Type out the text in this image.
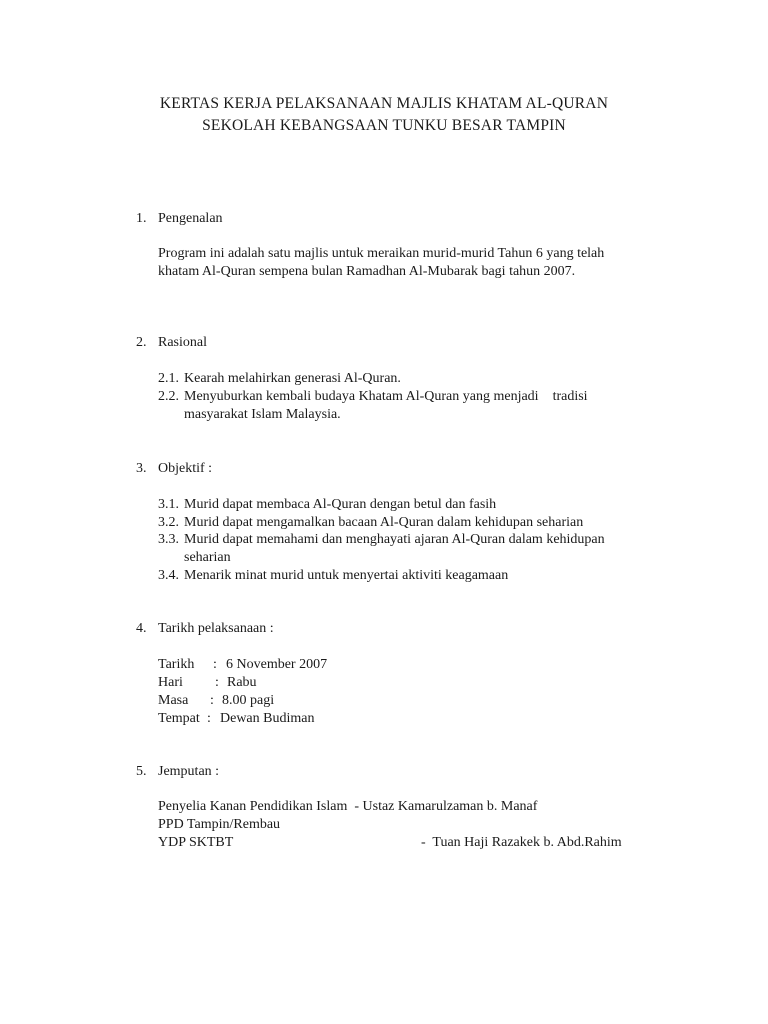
KERTAS KERJA PELAKSANAAN MAJLIS KHATAM AL-QURAN
SEKOLAH KEBANGSAAN TUNKU BESAR TAMPIN
1. Pengenalan
Program ini adalah satu majlis untuk meraikan murid-murid Tahun 6 yang telah
khatam Al-Quran sempena bulan Ramadhan Al-Mubarak bagi tahun 2007.
2. Rasional
2.1. Kearah melahirkan generasi Al-Quran.
2.2. Menyuburkan kembali budaya Khatam Al-Quran yang menjadi    tradisi
masyarakat Islam Malaysia.
3. Objektif :
3.1. Murid dapat membaca Al-Quran dengan betul dan fasih
3.2. Murid dapat mengamalkan bacaan Al-Quran dalam kehidupan seharian
3.3. Murid dapat memahami dan menghayati ajaran Al-Quran dalam kehidupan
seharian
3.4. Menarik minat murid untuk menyertai aktiviti keagamaan
4. Tarikh pelaksanaan :
Tarikh : 6 November 2007
Hari : Rabu
Masa : 8.00 pagi
Tempat : Dewan Budiman
5. Jemputan :
Penyelia Kanan Pendidikan Islam  - Ustaz Kamarulzaman b. Manaf
PPD Tampin/Rembau
YDP SKTBT	-  Tuan Haji Razakek b. Abd.Rahim
